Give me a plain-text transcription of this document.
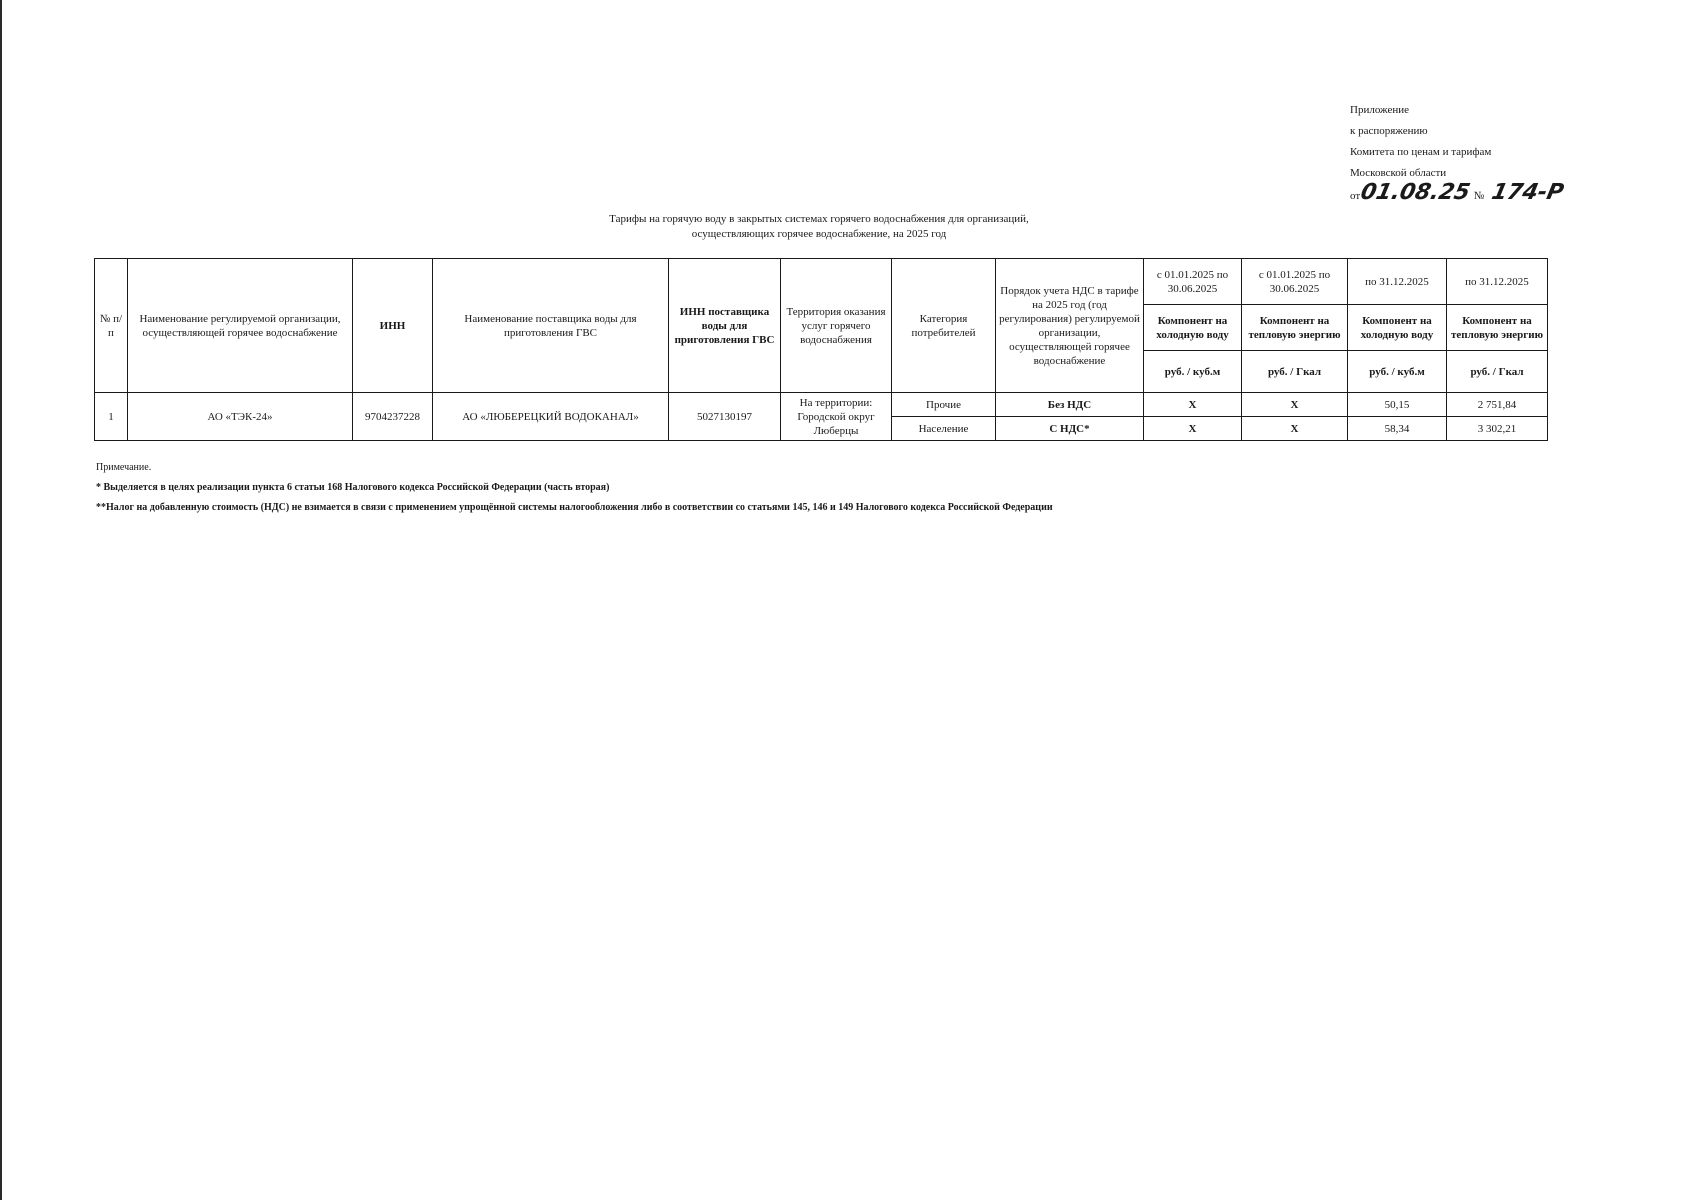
Приложение
к распоряжению
Комитета по ценам и тарифам
Московской области
от
01.08.25 № 174-Р
Тарифы на горячую воду в закрытых системах горячего водоснабжения для организаций,
осуществляющих горячее водоснабжение, на 2025 год
№ п/п	Наименование регулируемой организации, осуществляющей горячее водоснабжение	ИНН	Наименование поставщика воды для приготовления ГВС	ИНН поставщика воды для приготовления ГВС	Территория оказания услуг горячего водоснабжения	Категория потребителей	Порядок учета НДС в тарифе на 2025 год (год регулирования) регулируемой организации, осуществляющей горячее водоснабжение	с 01.01.2025 по 30.06.2025	с 01.01.2025 по 30.06.2025	по 31.12.2025	по 31.12.2025
								Компонент на холодную воду	Компонент на тепловую энергию	Компонент на холодную воду	Компонент на тепловую энергию
								руб. / куб.м	руб. / Гкал	руб. / куб.м	руб. / Гкал
1	АО «ТЭК-24»	9704237228	АО «ЛЮБЕРЕЦКИЙ ВОДОКАНАЛ»	5027130197	На территории: Городской округ Люберцы	Прочие	Без НДС	Х	Х	50,15	2 751,84
						Население	С НДС*	Х	Х	58,34	3 302,21
Примечание.
* Выделяется в целях реализации пункта 6 статьи 168 Налогового кодекса Российской Федерации (часть вторая)
**Налог на добавленную стоимость (НДС) не взимается в связи с применением упрощённой системы налогообложения либо в соответствии со статьями 145, 146 и 149 Налогового кодекса Российской Федерации
